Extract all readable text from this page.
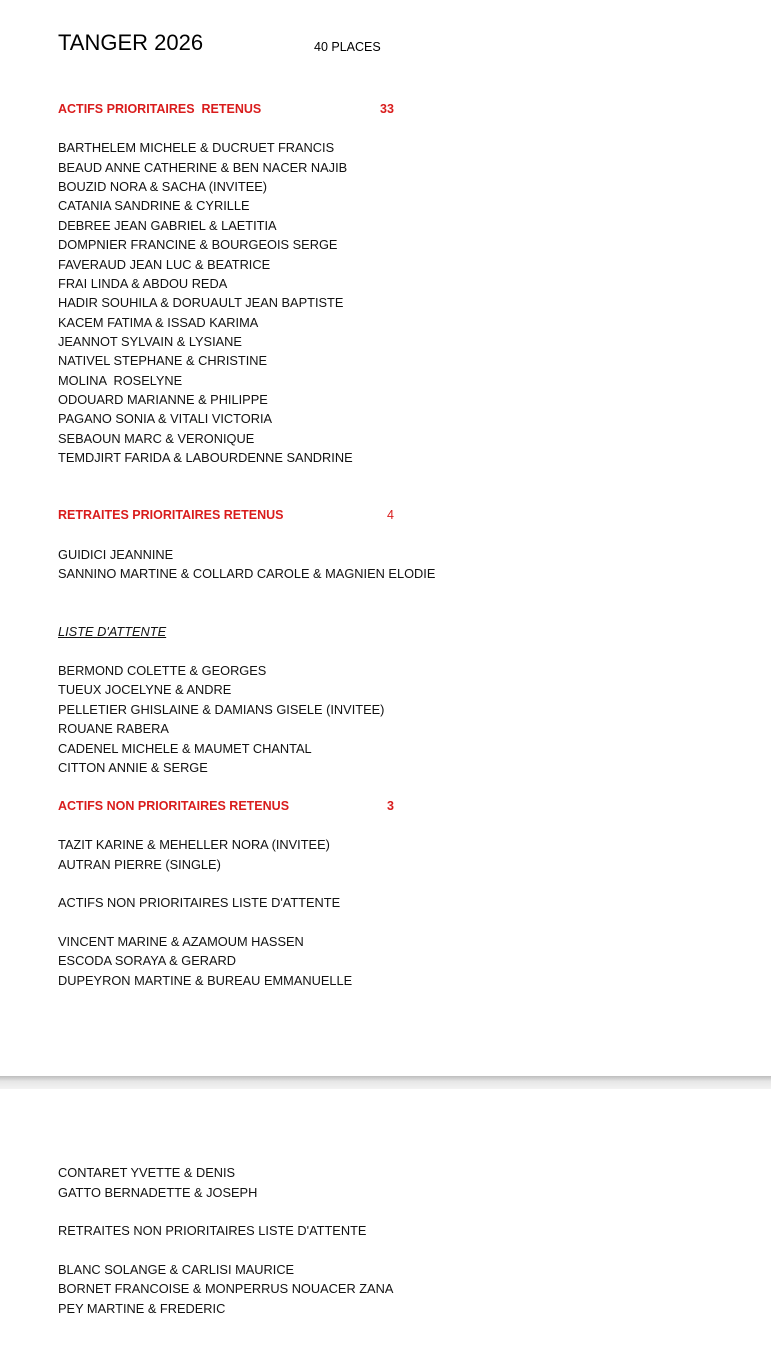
TANGER 2026	40 PLACES
ACTIFS PRIORITAIRES  RETENUS	33
BARTHELEM MICHELE & DUCRUET FRANCIS
BEAUD ANNE CATHERINE & BEN NACER NAJIB
BOUZID NORA & SACHA (INVITEE)
CATANIA SANDRINE & CYRILLE
DEBREE JEAN GABRIEL & LAETITIA
DOMPNIER FRANCINE & BOURGEOIS SERGE
FAVERAUD JEAN LUC & BEATRICE
FRAI LINDA & ABDOU REDA
HADIR SOUHILA & DORUAULT JEAN BAPTISTE
KACEM FATIMA & ISSAD KARIMA
JEANNOT SYLVAIN & LYSIANE
NATIVEL STEPHANE & CHRISTINE
MOLINA  ROSELYNE
ODOUARD MARIANNE & PHILIPPE
PAGANO SONIA & VITALI VICTORIA
SEBAOUN MARC & VERONIQUE
TEMDJIRT FARIDA & LABOURDENNE SANDRINE
RETRAITES PRIORITAIRES RETENUS	4
GUIDICI JEANNINE
SANNINO MARTINE & COLLARD CAROLE & MAGNIEN ELODIE
LISTE D'ATTENTE
BERMOND COLETTE & GEORGES
TUEUX JOCELYNE & ANDRE
PELLETIER GHISLAINE & DAMIANS GISELE (INVITEE)
ROUANE RABERA
CADENEL MICHELE & MAUMET CHANTAL
CITTON ANNIE & SERGE
ACTIFS NON PRIORITAIRES RETENUS	3
TAZIT KARINE & MEHELLER NORA (INVITEE)
AUTRAN PIERRE (SINGLE)
ACTIFS NON PRIORITAIRES LISTE D'ATTENTE
VINCENT MARINE & AZAMOUM HASSEN
ESCODA SORAYA & GERARD
DUPEYRON MARTINE & BUREAU EMMANUELLE
CONTARET YVETTE & DENIS
GATTO BERNADETTE & JOSEPH
RETRAITES NON PRIORITAIRES LISTE D'ATTENTE
BLANC SOLANGE & CARLISI MAURICE
BORNET FRANCOISE & MONPERRUS NOUACER ZANA
PEY MARTINE & FREDERIC
